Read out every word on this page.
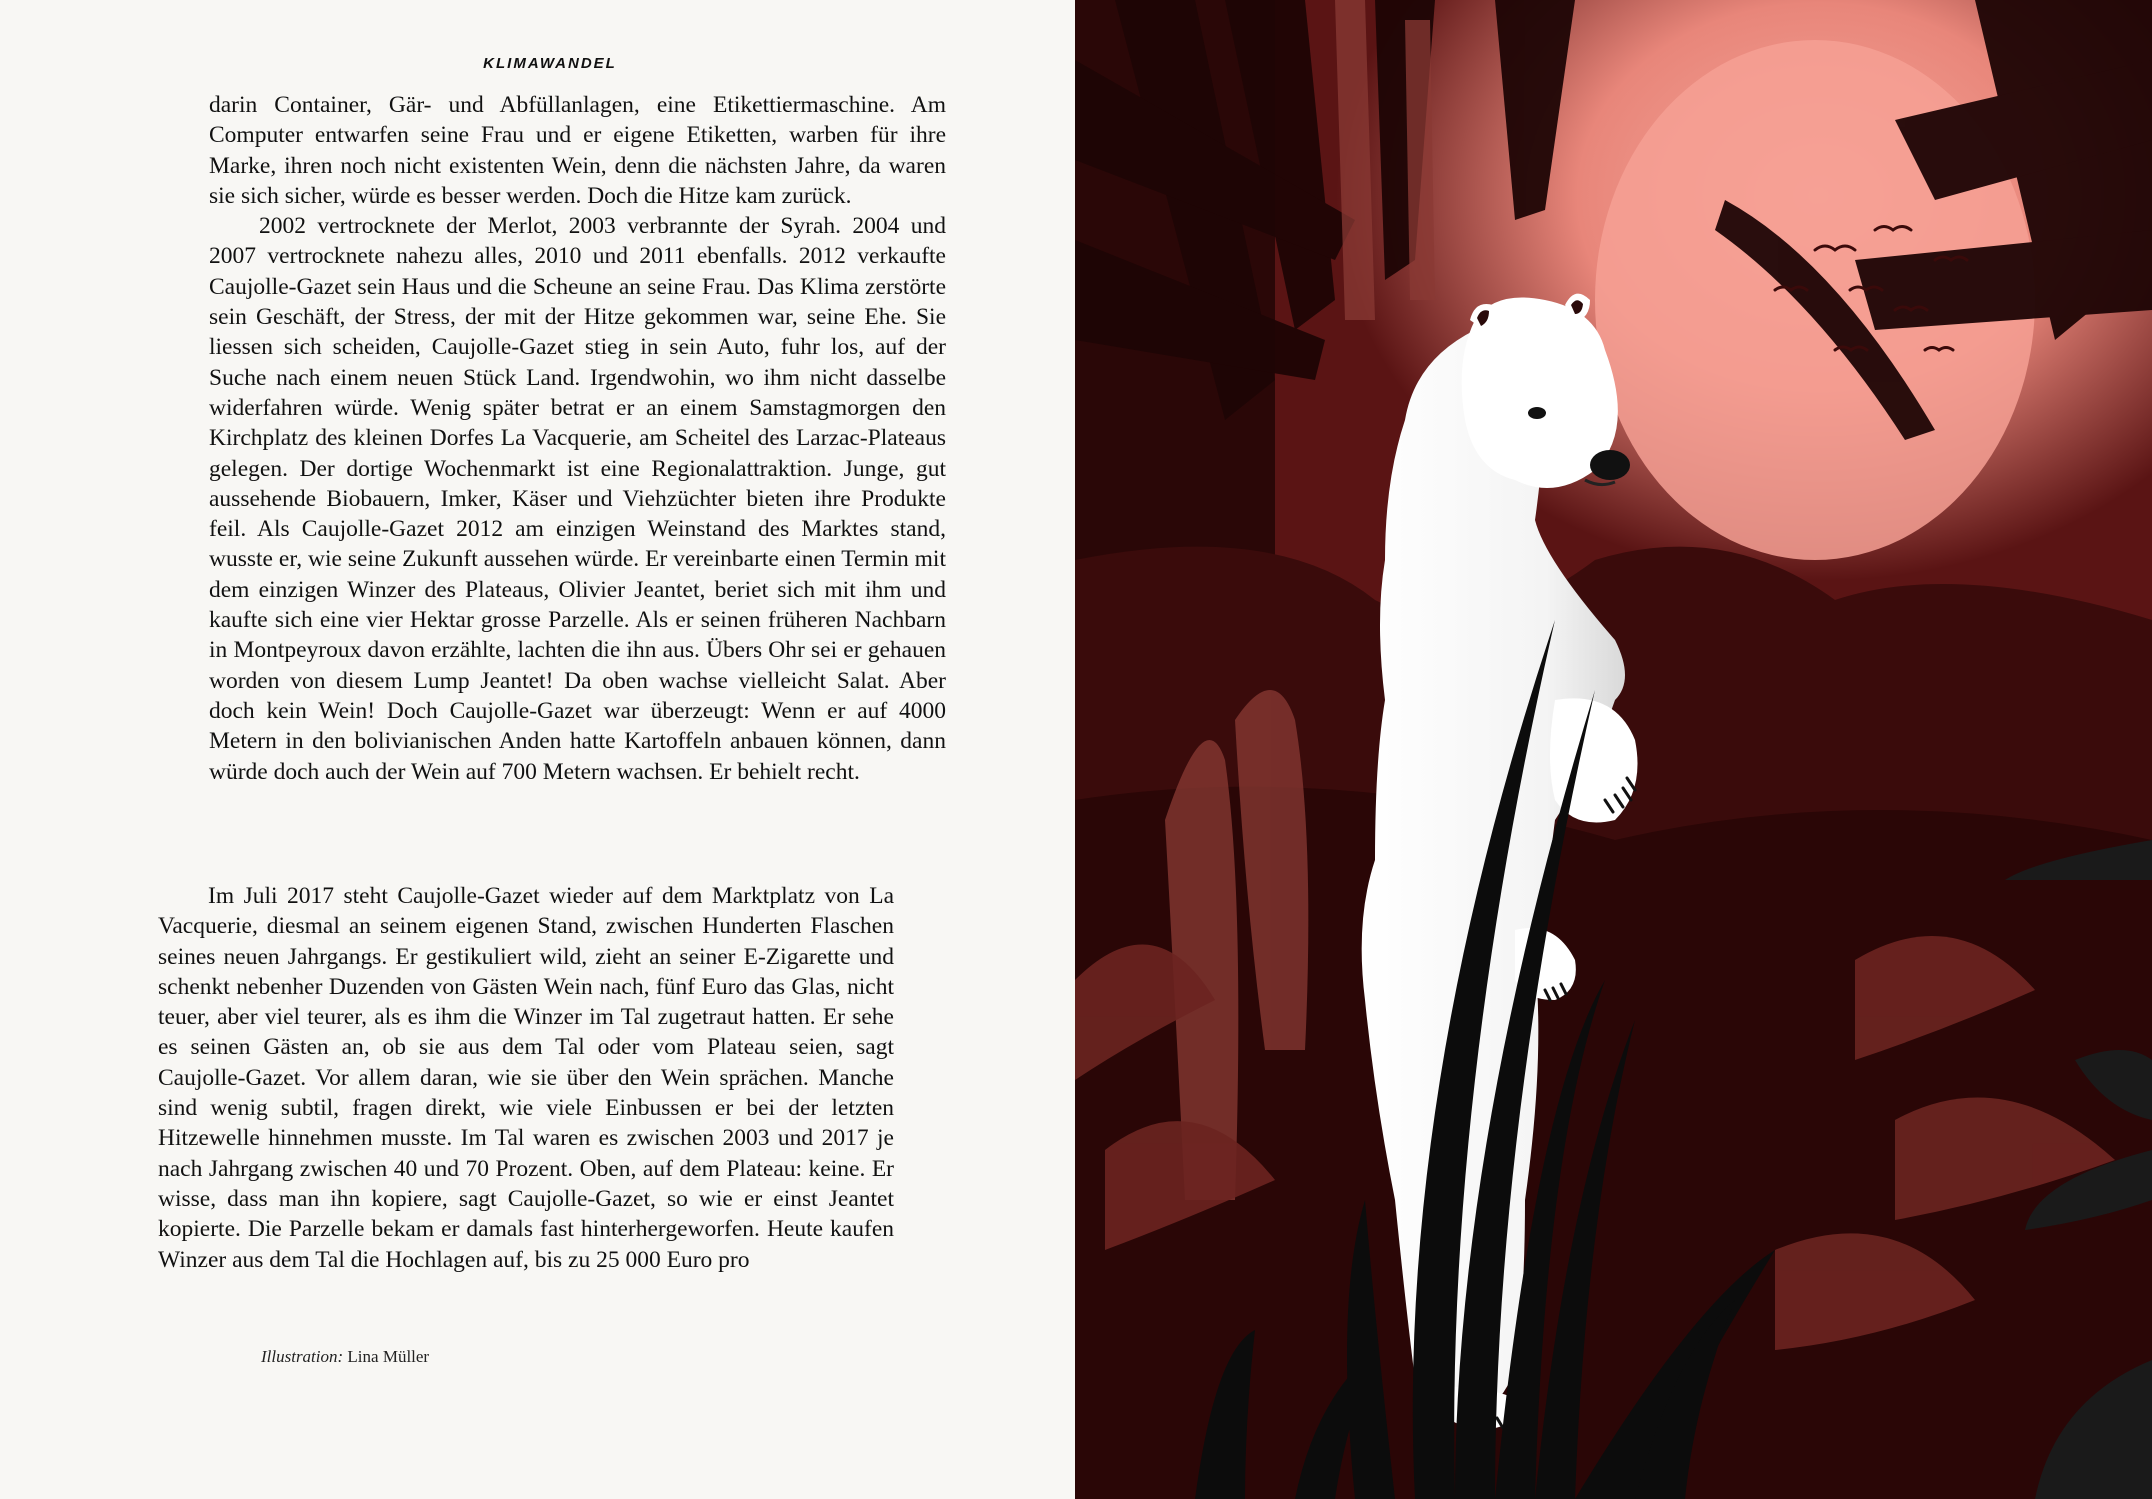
KLIMAWANDEL

darin Container, Gär- und Abfüllanlagen, eine Etikettiermaschine. Am Computer entwarfen seine Frau und er eigene Etiketten, warben für ihre Marke, ihren noch nicht existenten Wein, denn die nächsten Jahre, da waren sie sich sicher, würde es besser werden. Doch die Hitze kam zurück.

2002 vertrocknete der Merlot, 2003 verbrannte der Syrah. 2004 und 2007 vertrocknete nahezu alles, 2010 und 2011 ebenfalls. 2012 verkaufte Caujolle-Gazet sein Haus und die Scheune an seine Frau. Das Klima zerstörte sein Geschäft, der Stress, der mit der Hitze gekommen war, seine Ehe. Sie liessen sich scheiden, Caujolle-Gazet stieg in sein Auto, fuhr los, auf der Suche nach einem neuen Stück Land. Irgendwohin, wo ihm nicht dasselbe widerfahren würde. Wenig später betrat er an einem Samstagmorgen den Kirchplatz des kleinen Dorfes La Vacquerie, am Scheitel des Larzac-Plateaus gelegen. Der dortige Wochenmarkt ist eine Regionalattraktion. Junge, gut aussehende Biobauern, Imker, Käser und Viehzüchter bieten ihre Produkte feil. Als Caujolle-Gazet 2012 am einzigen Weinstand des Marktes stand, wusste er, wie seine Zukunft aussehen würde. Er vereinbarte einen Termin mit dem einzigen Winzer des Plateaus, Olivier Jeantet, beriet sich mit ihm und kaufte sich eine vier Hektar grosse Parzelle. Als er seinen früheren Nachbarn in Montpeyroux davon erzählte, lachten die ihn aus. Übers Ohr sei er gehauen worden von diesem Lump Jeantet! Da oben wachse vielleicht Salat. Aber doch kein Wein! Doch Caujolle-Gazet war überzeugt: Wenn er auf 4000 Metern in den bolivianischen Anden hatte Kartoffeln anbauen können, dann würde doch auch der Wein auf 700 Metern wachsen. Er behielt recht.

Im Juli 2017 steht Caujolle-Gazet wieder auf dem Marktplatz von La Vacquerie, diesmal an seinem eigenen Stand, zwischen Hunderten Flaschen seines neuen Jahrgangs. Er gestikuliert wild, zieht an seiner E-Zigarette und schenkt nebenher Duzenden von Gästen Wein nach, fünf Euro das Glas, nicht teuer, aber viel teurer, als es ihm die Winzer im Tal zugetraut hatten. Er sehe es seinen Gästen an, ob sie aus dem Tal oder vom Plateau seien, sagt Caujolle-Gazet. Vor allem daran, wie sie über den Wein sprächen. Manche sind wenig subtil, fragen direkt, wie viele Einbussen er bei der letzten Hitzewelle hinnehmen musste. Im Tal waren es zwischen 2003 und 2017 je nach Jahrgang zwischen 40 und 70 Prozent. Oben, auf dem Plateau: keine. Er wisse, dass man ihn kopiere, sagt Caujolle-Gazet, so wie er einst Jeantet kopierte. Die Parzelle bekam er damals fast hinterhergeworfen. Heute kaufen Winzer aus dem Tal die Hochlagen auf, bis zu 25 000 Euro pro

Illustration: Lina Müller
